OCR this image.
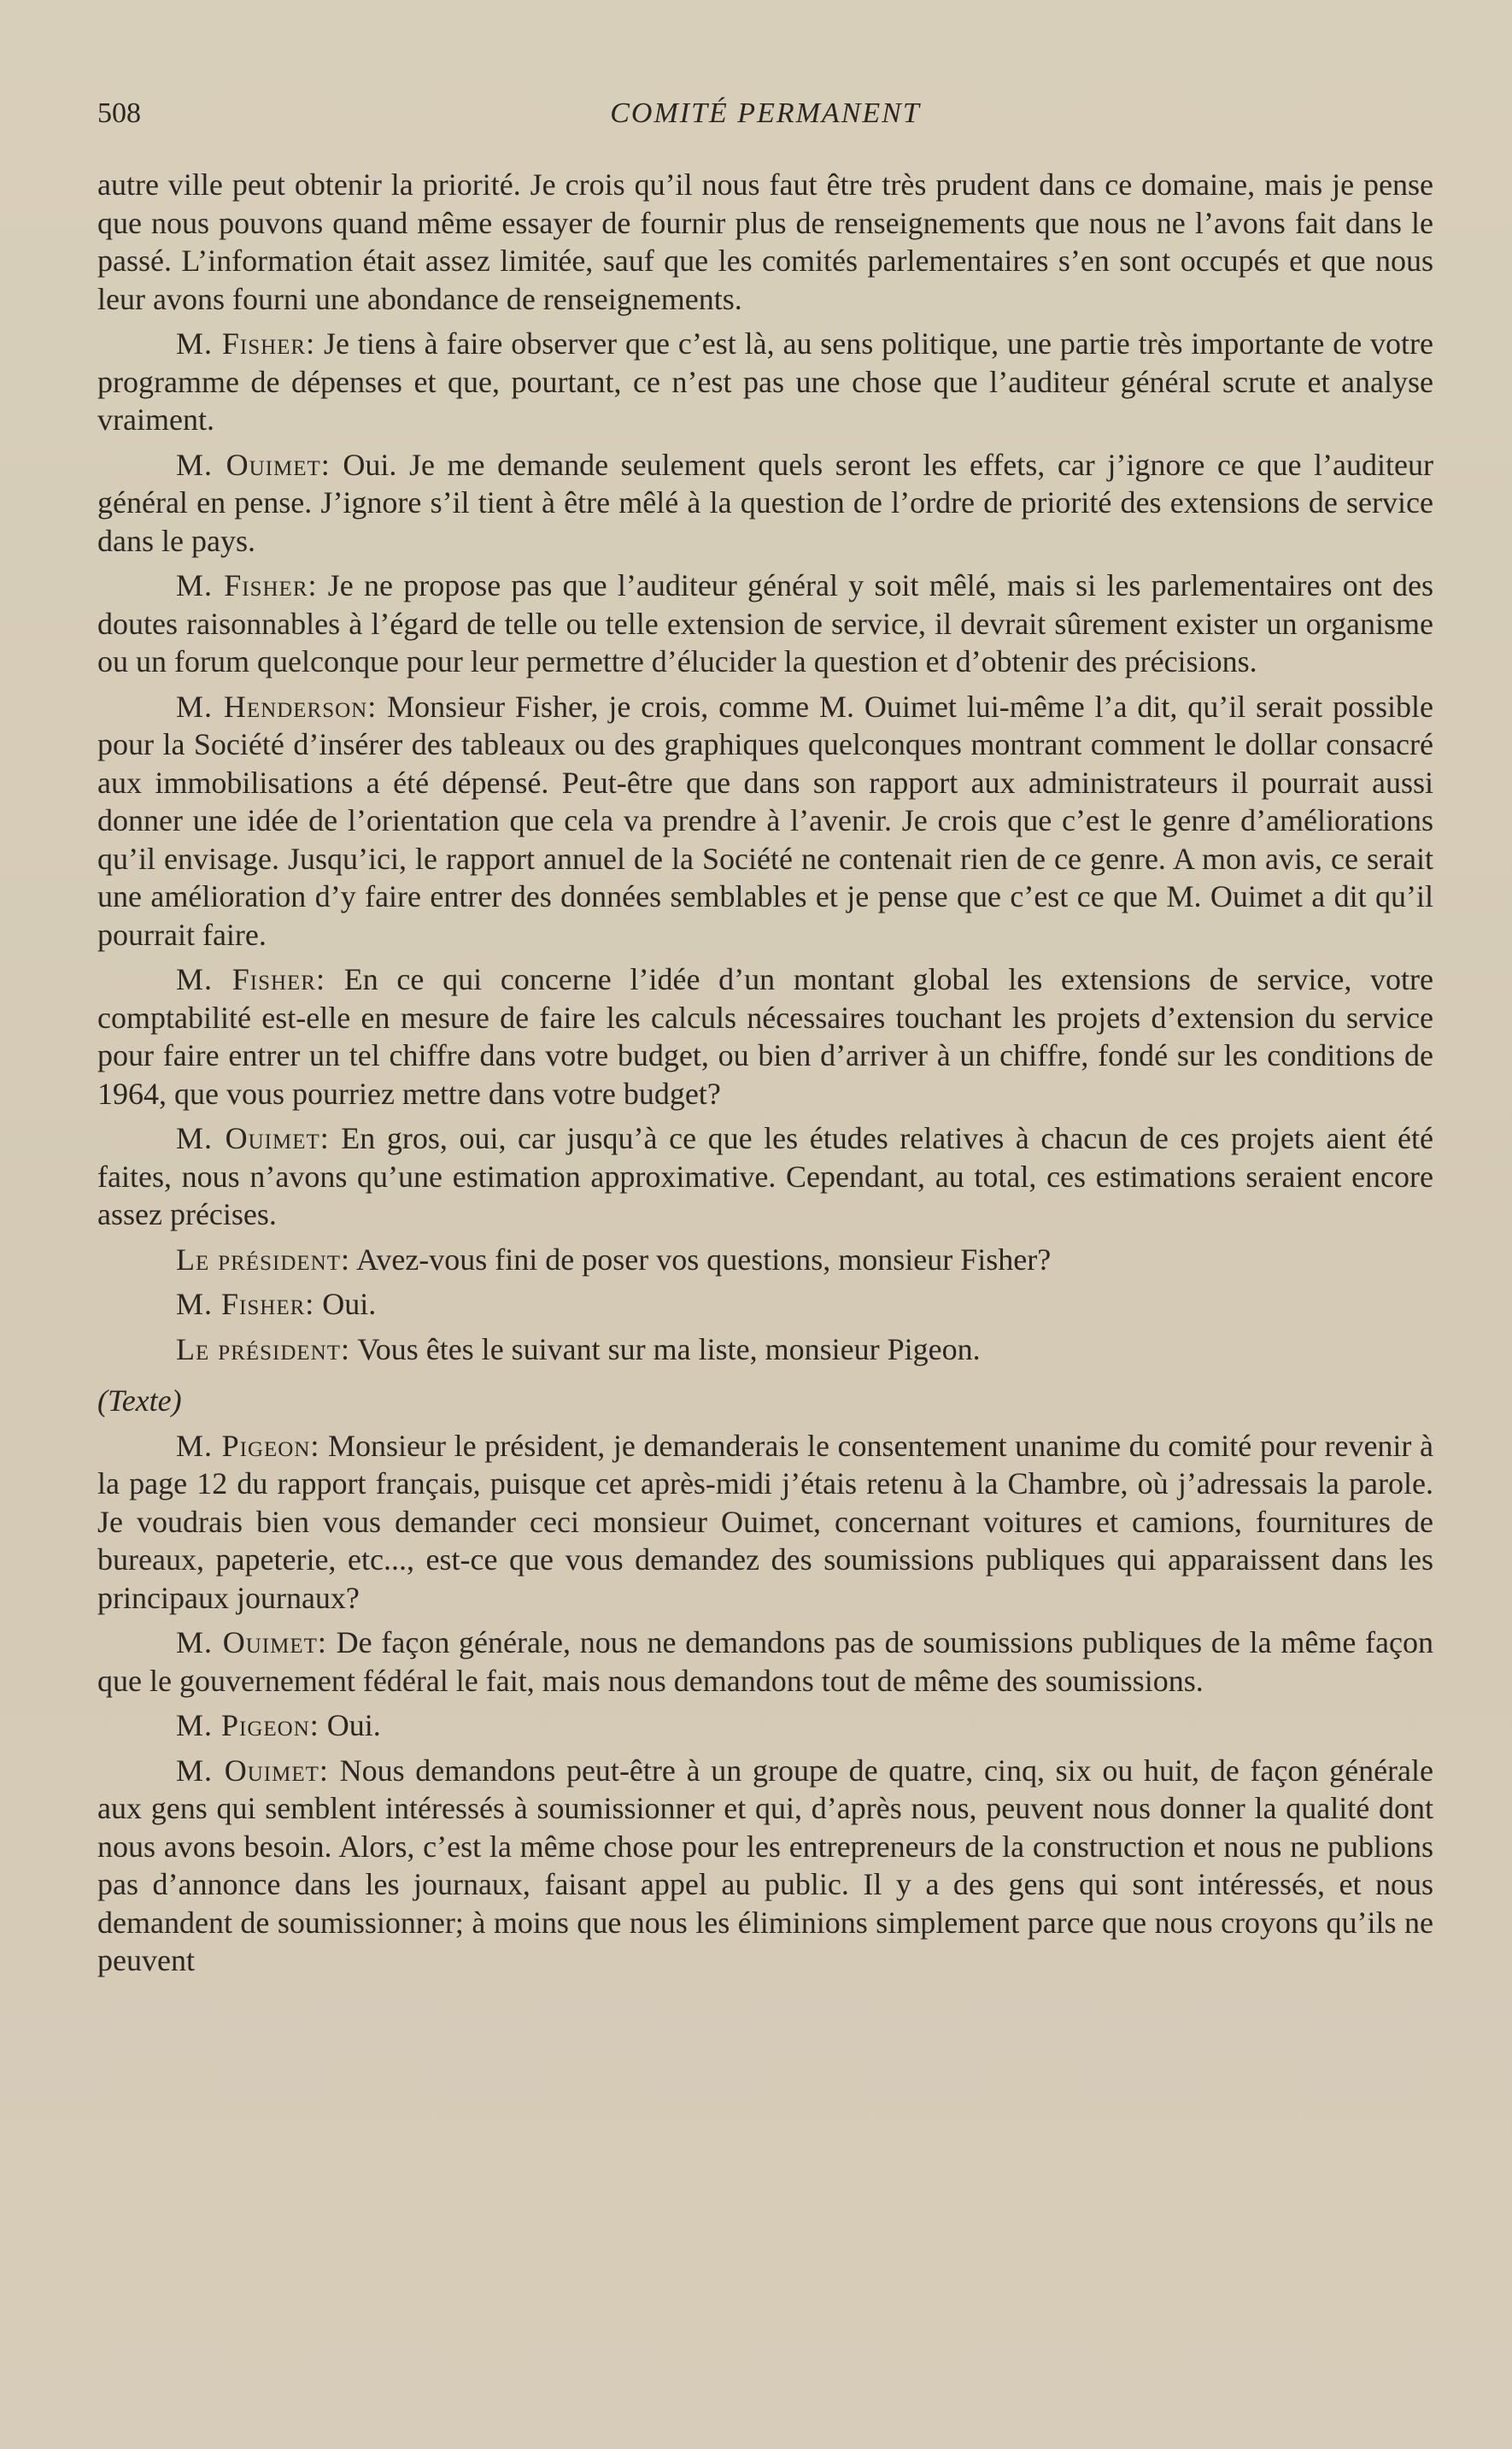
508	COMITÉ PERMANENT

autre ville peut obtenir la priorité. Je crois qu’il nous faut être très prudent dans ce domaine, mais je pense que nous pouvons quand même essayer de fournir plus de renseignements que nous ne l’avons fait dans le passé. L’information était assez limitée, sauf que les comités parlementaires s’en sont occupés et que nous leur avons fourni une abondance de renseignements.

M. Fisher: Je tiens à faire observer que c’est là, au sens politique, une partie très importante de votre programme de dépenses et que, pourtant, ce n’est pas une chose que l’auditeur général scrute et analyse vraiment.

M. Ouimet: Oui. Je me demande seulement quels seront les effets, car j’ignore ce que l’auditeur général en pense. J’ignore s’il tient à être mêlé à la question de l’ordre de priorité des extensions de service dans le pays.

M. Fisher: Je ne propose pas que l’auditeur général y soit mêlé, mais si les parlementaires ont des doutes raisonnables à l’égard de telle ou telle extension de service, il devrait sûrement exister un organisme ou un forum quelconque pour leur permettre d’élucider la question et d’obtenir des précisions.

M. Henderson: Monsieur Fisher, je crois, comme M. Ouimet lui-même l’a dit, qu’il serait possible pour la Société d’insérer des tableaux ou des graphiques quelconques montrant comment le dollar consacré aux immobilisations a été dépensé. Peut-être que dans son rapport aux administrateurs il pourrait aussi donner une idée de l’orientation que cela va prendre à l’avenir. Je crois que c’est le genre d’améliorations qu’il envisage. Jusqu’ici, le rapport annuel de la Société ne contenait rien de ce genre. A mon avis, ce serait une amélioration d’y faire entrer des données semblables et je pense que c’est ce que M. Ouimet a dit qu’il pourrait faire.

M. Fisher: En ce qui concerne l’idée d’un montant global les extensions de service, votre comptabilité est-elle en mesure de faire les calculs nécessaires touchant les projets d’extension du service pour faire entrer un tel chiffre dans votre budget, ou bien d’arriver à un chiffre, fondé sur les conditions de 1964, que vous pourriez mettre dans votre budget?

M. Ouimet: En gros, oui, car jusqu’à ce que les études relatives à chacun de ces projets aient été faites, nous n’avons qu’une estimation approximative. Cependant, au total, ces estimations seraient encore assez précises.

Le président: Avez-vous fini de poser vos questions, monsieur Fisher?

M. Fisher: Oui.

Le président: Vous êtes le suivant sur ma liste, monsieur Pigeon.

(Texte)

M. Pigeon: Monsieur le président, je demanderais le consentement unanime du comité pour revenir à la page 12 du rapport français, puisque cet après-midi j’étais retenu à la Chambre, où j’adressais la parole. Je voudrais bien vous demander ceci monsieur Ouimet, concernant voitures et camions, fournitures de bureaux, papeterie, etc..., est-ce que vous demandez des soumissions publiques qui apparaissent dans les principaux journaux?

M. Ouimet: De façon générale, nous ne demandons pas de soumissions publiques de la même façon que le gouvernement fédéral le fait, mais nous demandons tout de même des soumissions.

M. Pigeon: Oui.

M. Ouimet: Nous demandons peut-être à un groupe de quatre, cinq, six ou huit, de façon générale aux gens qui semblent intéressés à soumissionner et qui, d’après nous, peuvent nous donner la qualité dont nous avons besoin. Alors, c’est la même chose pour les entrepreneurs de la construction et nous ne publions pas d’annonce dans les journaux, faisant appel au public. Il y a des gens qui sont intéressés, et nous demandent de soumissionner; à moins que nous les éliminions simplement parce que nous croyons qu’ils ne peuvent
